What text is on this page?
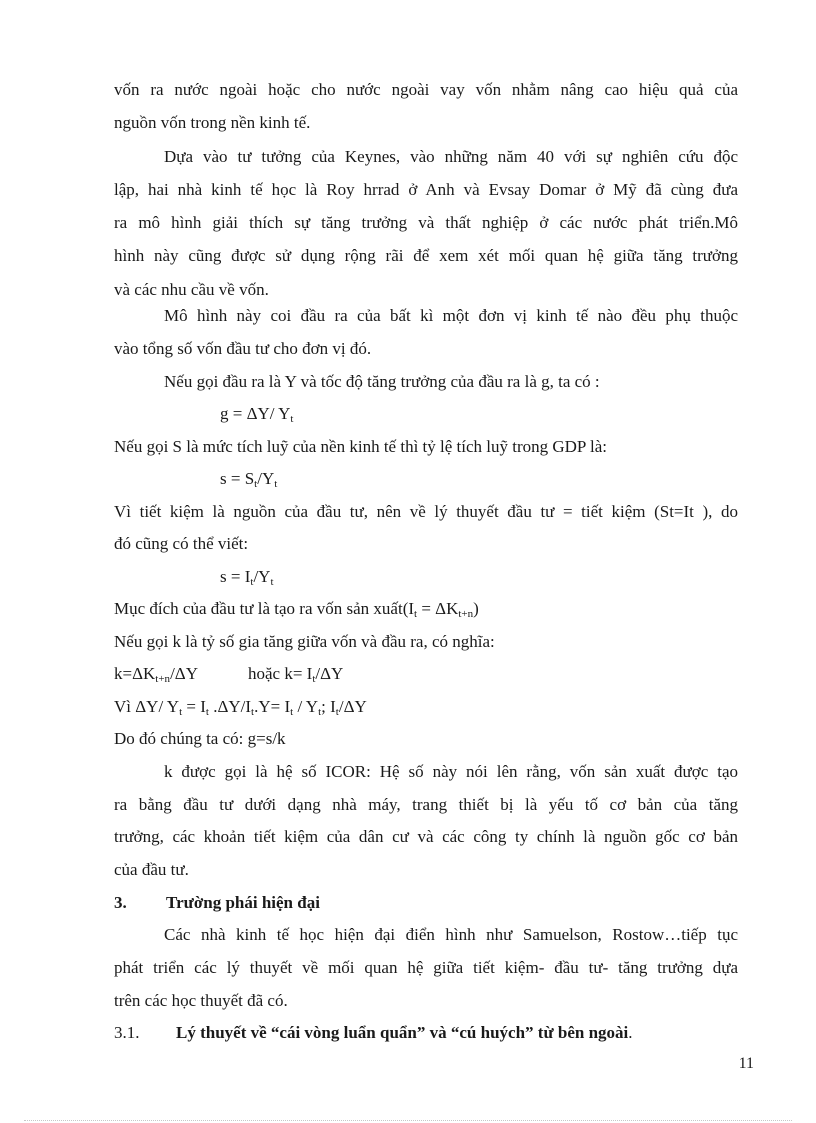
vốn ra nước ngoài hoặc cho nước ngoài vay vốn nhằm nâng cao hiệu quả của
nguồn vốn trong nền kinh tế.
Dựa vào tư tưởng của Keynes, vào những năm 40 với sự nghiên cứu độc
lập, hai nhà kinh tế học là Roy hrrad ở Anh và Evsay Domar ở Mỹ đã cùng đưa
ra mô hình giải thích sự tăng trưởng và thất nghiệp ở các nước phát triển.Mô
hình này cũng được sử dụng rộng rãi để xem xét mối quan hệ giữa tăng trưởng
và các nhu cầu về vốn.
Mô hình này coi đầu ra của bất kì một đơn vị kinh tế nào đều phụ thuộc
vào tổng số vốn đầu tư cho đơn vị đó.
Nếu gọi đầu ra là Y và tốc độ tăng trưởng của đầu ra là g, ta có :
g = ΔY/ $Y_t$
Nếu gọi S là mức tích luỹ của nền kinh tế thì tỷ lệ tích luỹ trong GDP là:
$s = S_t/Y_t$
Vì tiết kiệm là nguồn của đầu tư, nên về lý thuyết đầu tư = tiết kiệm (St=It ), do
đó cũng có thể viết:
$s = I_t/Y_t$
Mục đích của đầu tư là tạo ra vốn sản $xuất(I_t = \Delta K_{t+n})$
Nếu gọi k là tỷ số gia tăng giữa vốn và đầu ra, có nghĩa:
$k=\Delta K_{t+n}/\Delta Y$	hoặc $k= I_t/\Delta Y$
Vì ΔY/ $Y_t = I_t$ $.\Delta Y/I_t.Y= I_t / Y_t$; $I_t/\Delta Y$
Do đó chúng ta có: g=s/k
k được gọi là hệ số ICOR: Hệ số này nói lên rằng, vốn sản xuất được tạo
ra bằng đầu tư dưới dạng nhà máy, trang thiết bị là yếu tố cơ bản của tăng
trưởng, các khoản tiết kiệm của dân cư và các công ty chính là nguồn gốc cơ bản
của đầu tư.
3. Trường phái hiện đại
Các nhà kinh tế học hiện đại điển hình như Samuelson, Rostow…tiếp tục
phát triển các lý thuyết về mối quan hệ giữa tiết kiệm- đầu tư- tăng trưởng dựa
trên các học thuyết đã có.
3.1. Lý thuyết về “cái vòng luẩn quẩn” và “cú huých” từ bên ngoài.
11
